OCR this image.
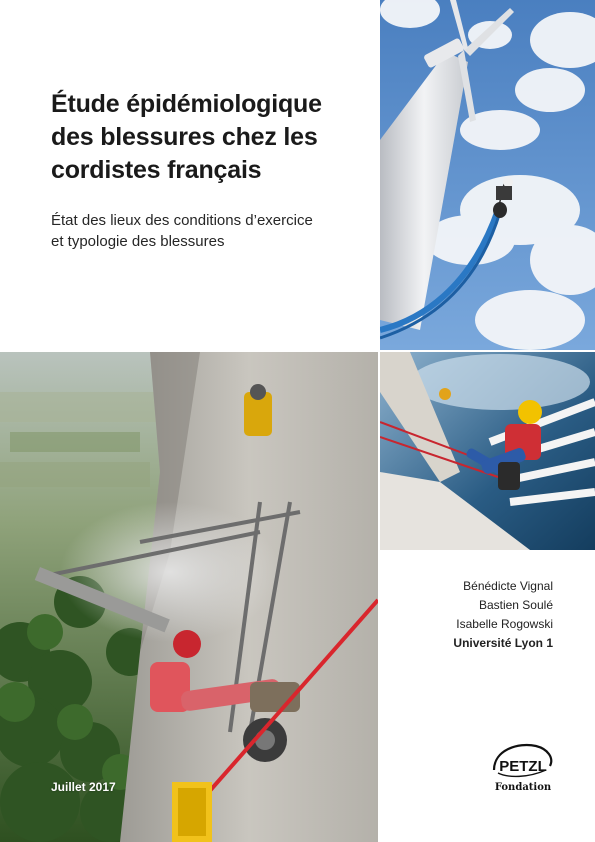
Étude épidémiologique
des blessures chez les
cordistes français
État des lieux des conditions d’exercice
et typologie des blessures
Bénédicte Vignal
Bastien Soulé
Isabelle Rogowski
Université Lyon 1
Juillet 2017
PETZL
Fondation
